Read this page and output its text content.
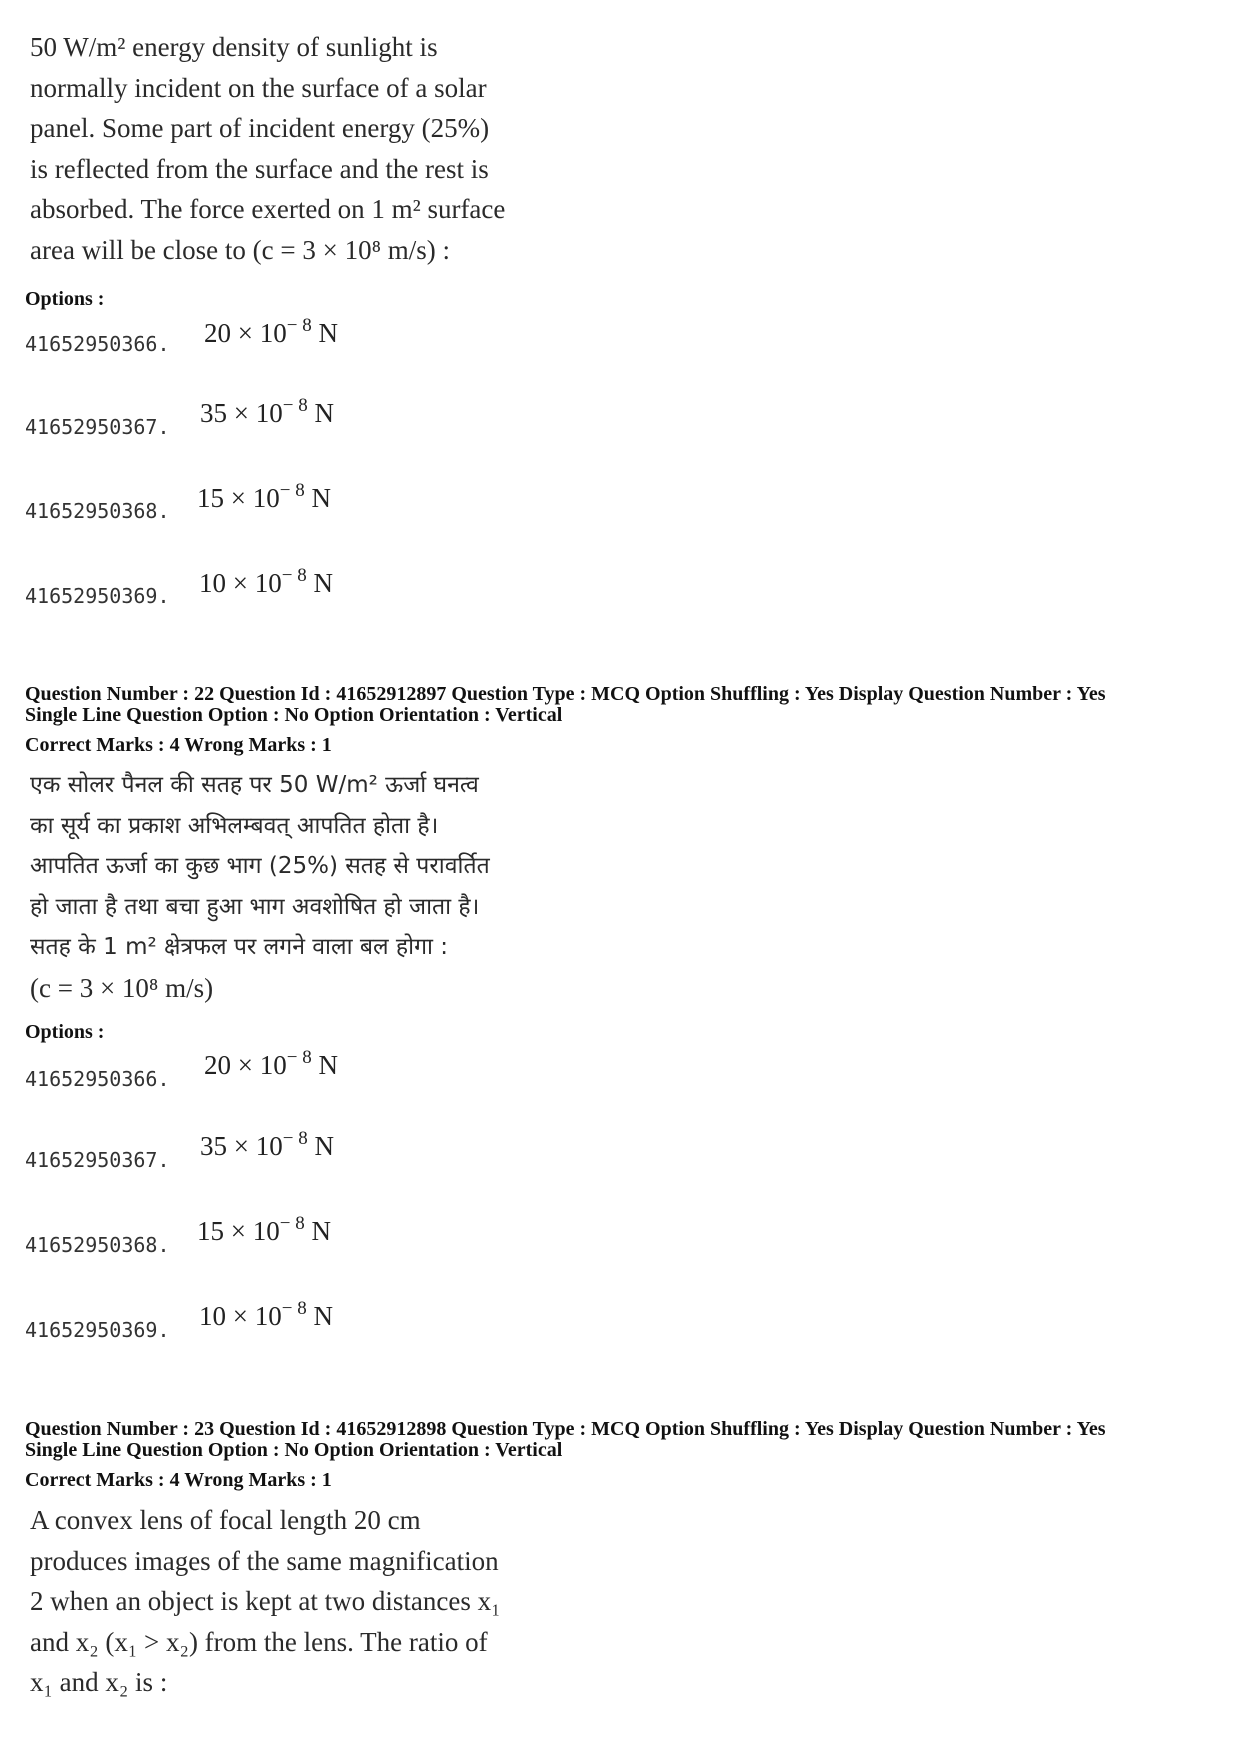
50 W/m² energy density of sunlight is
normally incident on the surface of a solar
panel. Some part of incident energy (25%)
is reflected from the surface and the rest is
absorbed. The force exerted on 1 m² surface
area will be close to (c = 3 × 10⁸ m/s) :
Options :
41652950366. $20 \times 10^{- 8}$ N
41652950367. $35 \times 10^{- 8}$ N
41652950368. $15 \times 10^{- 8}$ N
41652950369. $10 \times 10^{- 8}$ N
Question Number : 22 Question Id : 41652912897 Question Type : MCQ Option Shuffling : Yes Display Question Number : Yes
Single Line Question Option : No Option Orientation : Vertical
Correct Marks : 4 Wrong Marks : 1
एक सोलर पैनल की सतह पर 50 W/m² ऊर्जा घनत्व
का सूर्य का प्रकाश अभिलम्बवत् आपतित होता है।
आपतित ऊर्जा का कुछ भाग (25%) सतह से परावर्तित
हो जाता है तथा बचा हुआ भाग अवशोषित हो जाता है।
सतह के 1 m² क्षेत्रफल पर लगने वाला बल होगा :
(c = 3 × 10⁸ m/s)
Options :
41652950366. $20 \times 10^{- 8}$ N
41652950367. $35 \times 10^{- 8}$ N
41652950368. $15 \times 10^{- 8}$ N
41652950369. $10 \times 10^{- 8}$ N
Question Number : 23 Question Id : 41652912898 Question Type : MCQ Option Shuffling : Yes Display Question Number : Yes
Single Line Question Option : No Option Orientation : Vertical
Correct Marks : 4 Wrong Marks : 1
A convex lens of focal length 20 cm
produces images of the same magnification
2 when an object is kept at two distances x₁
and x₂ (x₁ > x₂) from the lens. The ratio of
x₁ and x₂ is :
